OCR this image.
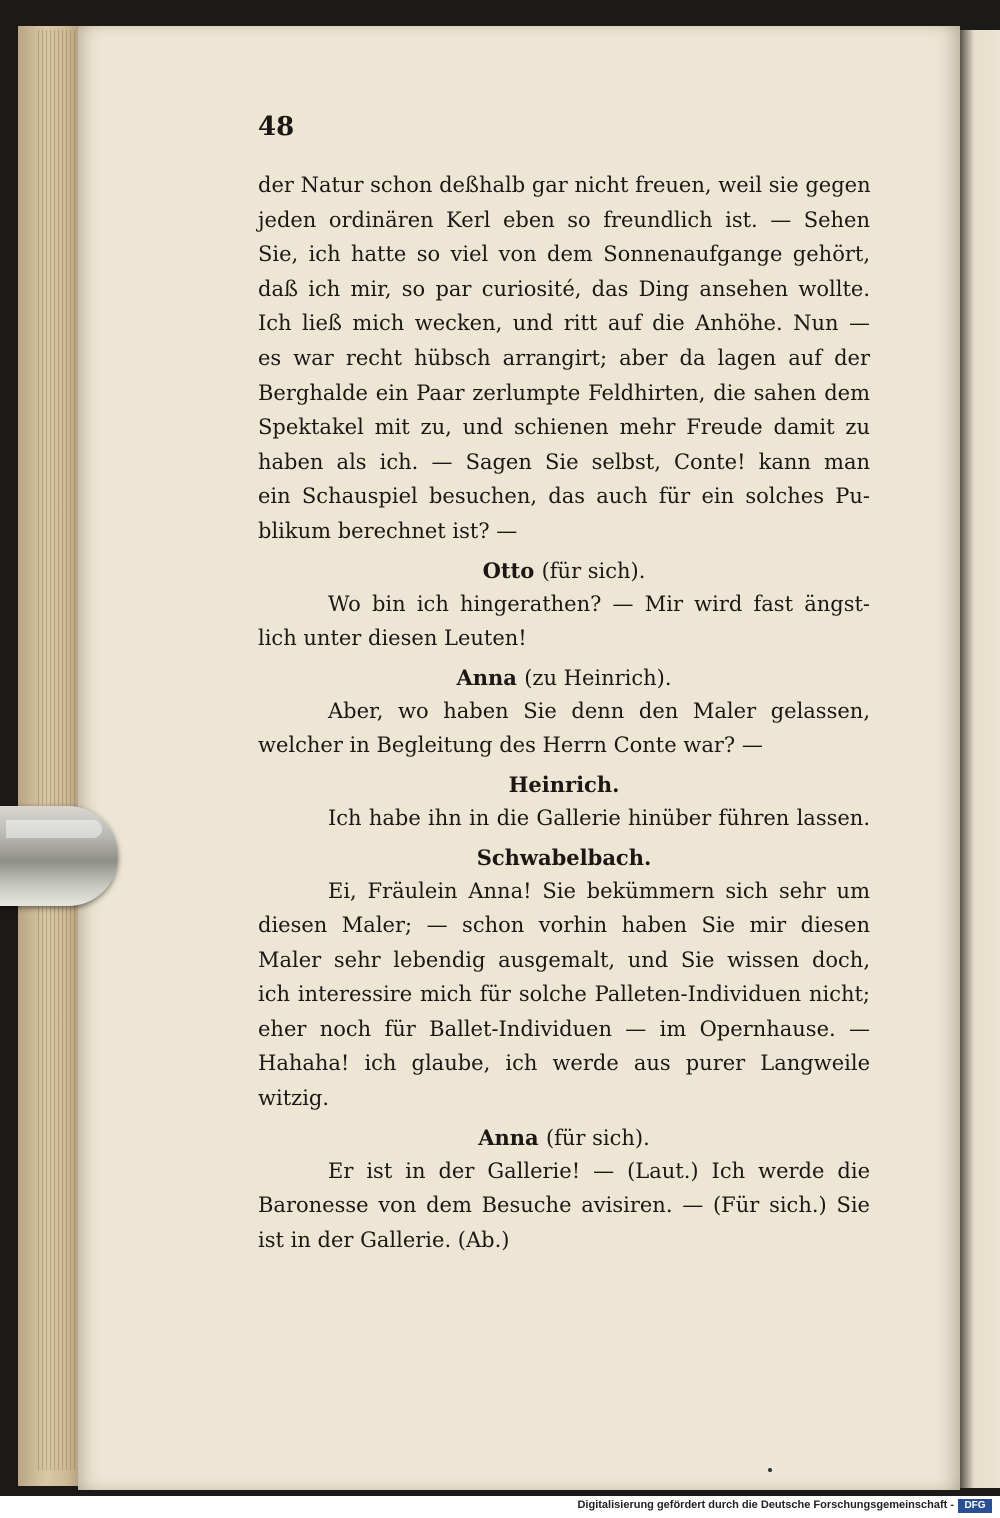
48
der Natur schon deßhalb gar nicht freuen, weil sie gegen
jeden ordinären Kerl eben so freundlich ist. — Sehen
Sie, ich hatte so viel von dem Sonnenaufgange gehört,
daß ich mir, so par curiosité, das Ding ansehen wollte.
Ich ließ mich wecken, und ritt auf die Anhöhe. Nun —
es war recht hübsch arrangirt; aber da lagen auf der
Berghalde ein Paar zerlumpte Feldhirten, die sahen dem
Spektakel mit zu, und schienen mehr Freude damit zu
haben als ich. — Sagen Sie selbst, Conte! kann man
ein Schauspiel besuchen, das auch für ein solches Pu-
blikum berechnet ist? —
Otto (für sich).
Wo bin ich hingerathen? — Mir wird fast ängst-
lich unter diesen Leuten!
Anna (zu Heinrich).
Aber, wo haben Sie denn den Maler gelassen,
welcher in Begleitung des Herrn Conte war? —
Heinrich.
Ich habe ihn in die Gallerie hinüber führen lassen.
Schwabelbach.
Ei, Fräulein Anna! Sie bekümmern sich sehr um
diesen Maler; — schon vorhin haben Sie mir diesen
Maler sehr lebendig ausgemalt, und Sie wissen doch,
ich interessire mich für solche Palleten-Individuen nicht;
eher noch für Ballet-Individuen — im Opernhause. —
Hahaha! ich glaube, ich werde aus purer Langweile
witzig.
Anna (für sich).
Er ist in der Gallerie! — (Laut.) Ich werde die
Baronesse von dem Besuche avisiren. — (Für sich.) Sie
ist in der Gallerie. (Ab.)
Digitalisierung gefördert durch die Deutsche Forschungsgemeinschaft -	DFG
